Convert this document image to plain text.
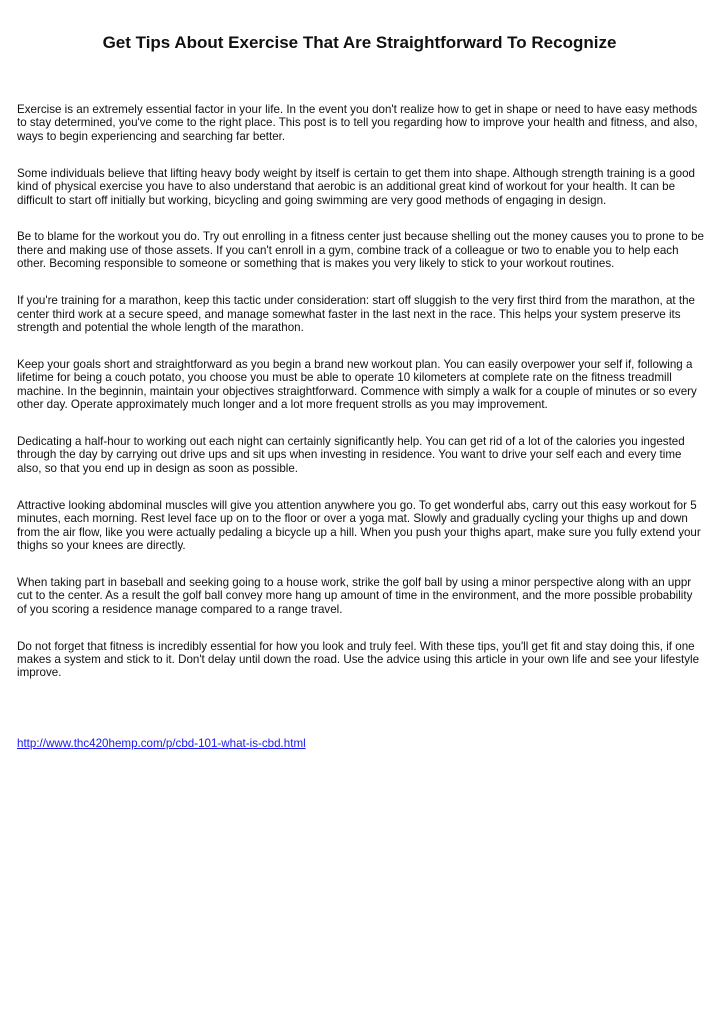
Get Tips About Exercise That Are Straightforward To Recognize

Exercise is an extremely essential factor in your life. In the event you don't realize how to get in shape or need to have easy methods to stay determined, you've come to the right place. This post is to tell you regarding how to improve your health and fitness, and also, ways to begin experiencing and searching far better.

Some individuals believe that lifting heavy body weight by itself is certain to get them into shape. Although strength training is a good kind of physical exercise you have to also understand that aerobic is an additional great kind of workout for your health. It can be difficult to start off initially but working, bicycling and going swimming are very good methods of engaging in design.

Be to blame for the workout you do. Try out enrolling in a fitness center just because shelling out the money causes you to prone to be there and making use of those assets. If you can't enroll in a gym, combine track of a colleague or two to enable you to help each other. Becoming responsible to someone or something that is makes you very likely to stick to your workout routines.

If you're training for a marathon, keep this tactic under consideration: start off sluggish to the very first third from the marathon, at the center third work at a secure speed, and manage somewhat faster in the last next in the race. This helps your system preserve its strength and potential the whole length of the marathon.

Keep your goals short and straightforward as you begin a brand new workout plan. You can easily overpower your self if, following a lifetime for being a couch potato, you choose you must be able to operate 10 kilometers at complete rate on the fitness treadmill machine. In the beginnin, maintain your objectives straightforward. Commence with simply a walk for a couple of minutes or so every other day. Operate approximately much longer and a lot more frequent strolls as you may improvement.

Dedicating a half-hour to working out each night can certainly significantly help. You can get rid of a lot of the calories you ingested through the day by carrying out drive ups and sit ups when investing in residence. You want to drive your self each and every time also, so that you end up in design as soon as possible.

Attractive looking abdominal muscles will give you attention anywhere you go. To get wonderful abs, carry out this easy workout for 5 minutes, each morning. Rest level face up on to the floor or over a yoga mat. Slowly and gradually cycling your thighs up and down from the air flow, like you were actually pedaling a bicycle up a hill. When you push your thighs apart, make sure you fully extend your thighs so your knees are directly.

When taking part in baseball and seeking going to a house work, strike the golf ball by using a minor perspective along with an uppr cut to the center. As a result the golf ball convey more hang up amount of time in the environment, and the more possible probability of you scoring a residence manage compared to a range travel.

Do not forget that fitness is incredibly essential for how you look and truly feel. With these tips, you'll get fit and stay doing this, if one makes a system and stick to it. Don't delay until down the road. Use the advice using this article in your own life and see your lifestyle improve.

http://www.thc420hemp.com/p/cbd-101-what-is-cbd.html
